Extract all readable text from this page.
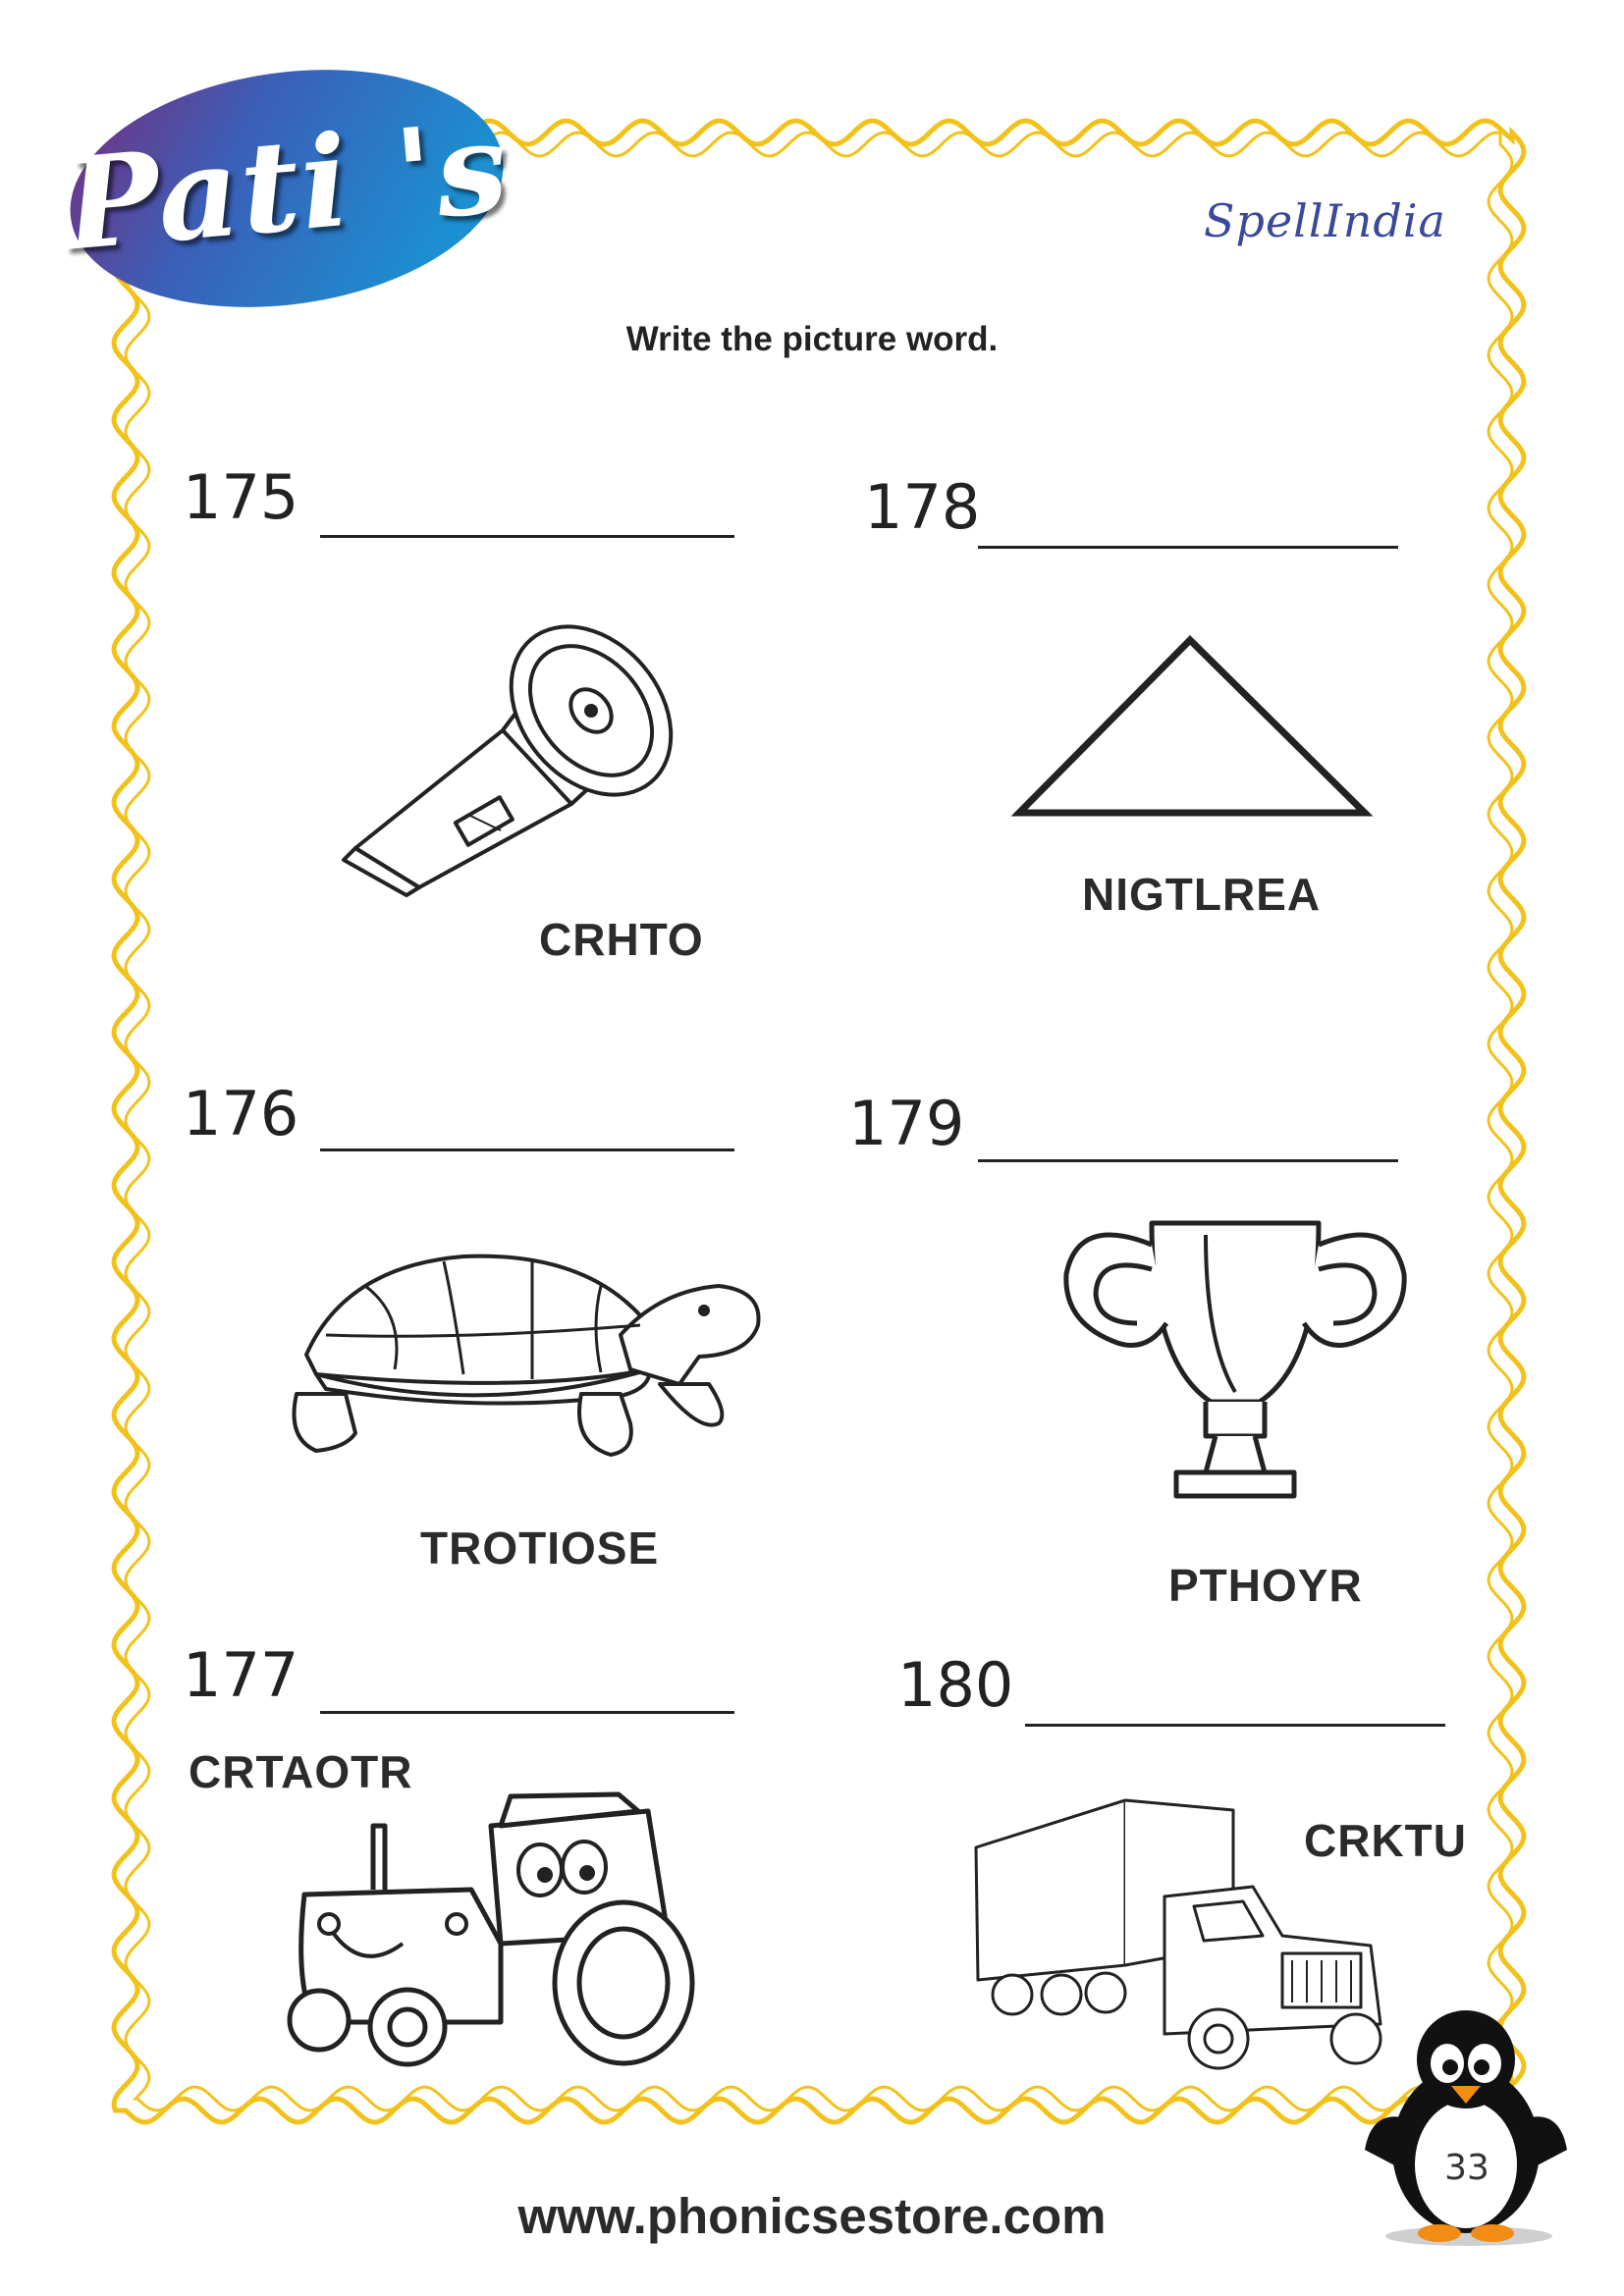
Pati 's	SpellIndia
Write the picture word.
175
CRHTO
178
NIGTLREA
176
TROTIOSE
179
PTHOYR
177
CRTAOTR
180
CRKTU
33
www.phonicsestore.com
